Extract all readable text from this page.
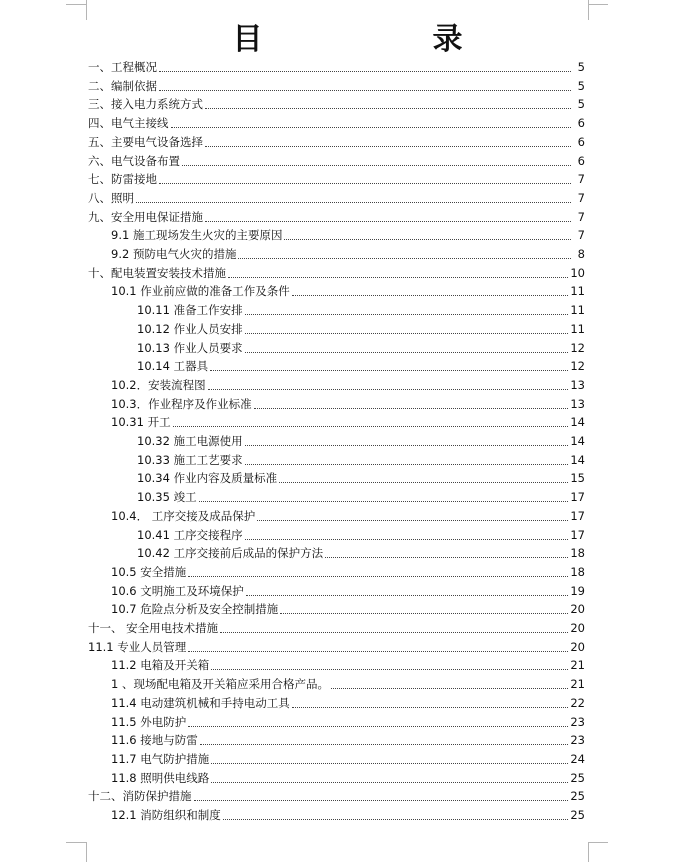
目　录
一、工程概况	5
二、编制依据	5
三、接入电力系统方式	5
四、电气主接线	6
五、主要电气设备选择	6
六、电气设备布置	6
七、防雷接地	7
八、照明	7
九、安全用电保证措施	7
9.1 施工现场发生火灾的主要原因	7
9.2 预防电气火灾的措施	8
十、配电装置安装技术措施	10
10.1 作业前应做的准备工作及条件	11
10.11 准备工作安排	11
10.12 作业人员安排	11
10.13 作业人员要求	12
10.14 工器具	12
10.2．安装流程图	13
10.3．作业程序及作业标准	13
10.31 开工	14
10.32 施工电源使用	14
10.33 施工工艺要求	14
10.34 作业内容及质量标准	15
10.35 竣工	17
10.4． 工序交接及成品保护	17
10.41 工序交接程序	17
10.42 工序交接前后成品的保护方法	18
10.5 安全措施	18
10.6 文明施工及环境保护	19
10.7 危险点分析及安全控制措施	20
十一、 安全用电技术措施	20
11.1 专业人员管理	20
11.2 电箱及开关箱	21
1 、现场配电箱及开关箱应采用合格产品。	21
11.4 电动建筑机械和手持电动工具	22
11.5 外电防护	23
11.6 接地与防雷	23
11.7 电气防护措施	24
11.8 照明供电线路	25
十二、消防保护措施	25
12.1 消防组织和制度	25
